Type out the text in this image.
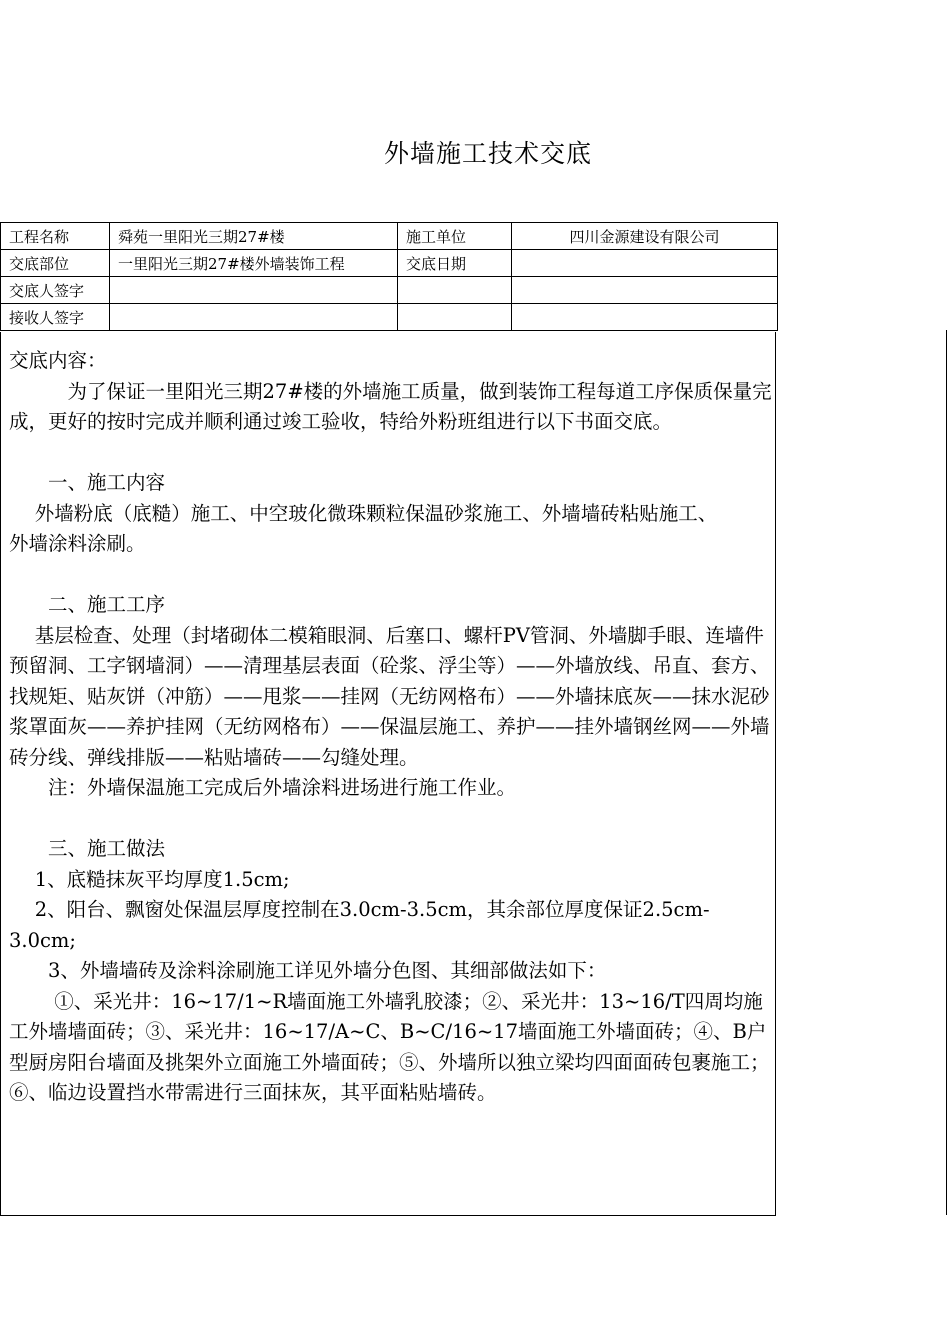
外墙施工技术交底
工程名称	舜苑一里阳光三期27#楼	施工单位	四川金源建设有限公司
交底部位	一里阳光三期27#楼外墙装饰工程	交底日期	
交底人签字			
接收人签字			

交底内容：

　　　为了保证一里阳光三期27#楼的外墙施工质量，做到装饰工程每道工序保质保量完成，更好的按时完成并顺利通过竣工验收，特给外粉班组进行以下书面交底。

　　一、施工内容

　 外墙粉底（底糙）施工、中空玻化微珠颗粒保温砂浆施工、外墙墙砖粘贴施工、

外墙涂料涂刷。

　　二、施工工序

　 基层检查、处理（封堵砌体二模箱眼洞、后塞口、螺杆PV管洞、外墙脚手眼、连墙件预留洞、工字钢墙洞）——清理基层表面（砼浆、浮尘等）——外墙放线、吊直、套方、找规矩、贴灰饼（冲筋）——甩浆——挂网（无纺网格布）——外墙抹底灰——抹水泥砂浆罩面灰——养护挂网（无纺网格布）——保温层施工、养护——挂外墙钢丝网——外墙砖分线、弹线排版——粘贴墙砖——勾缝处理。

　　注：外墙保温施工完成后外墙涂料进场进行施工作业。

　　三、施工做法

　 1、底糙抹灰平均厚度1.5cm;

　 2、阳台、飘窗处保温层厚度控制在3.0cm-3.5cm，其余部位厚度保证2.5cm-3.0cm;

　　3、外墙墙砖及涂料涂刷施工详见外墙分色图、其细部做法如下：

　　 ①、采光井：16~17/1~R墙面施工外墙乳胶漆；②、采光井：13~16/T四周均施工外墙墙面砖；③、采光井：16~17/A~C、B~C/16~17墙面施工外墙面砖；④、B户型厨房阳台墙面及挑架外立面施工外墙面砖；⑤、外墙所以独立梁均四面面砖包裹施工；　⑥、临边设置挡水带需进行三面抹灰，其平面粘贴墙砖。
